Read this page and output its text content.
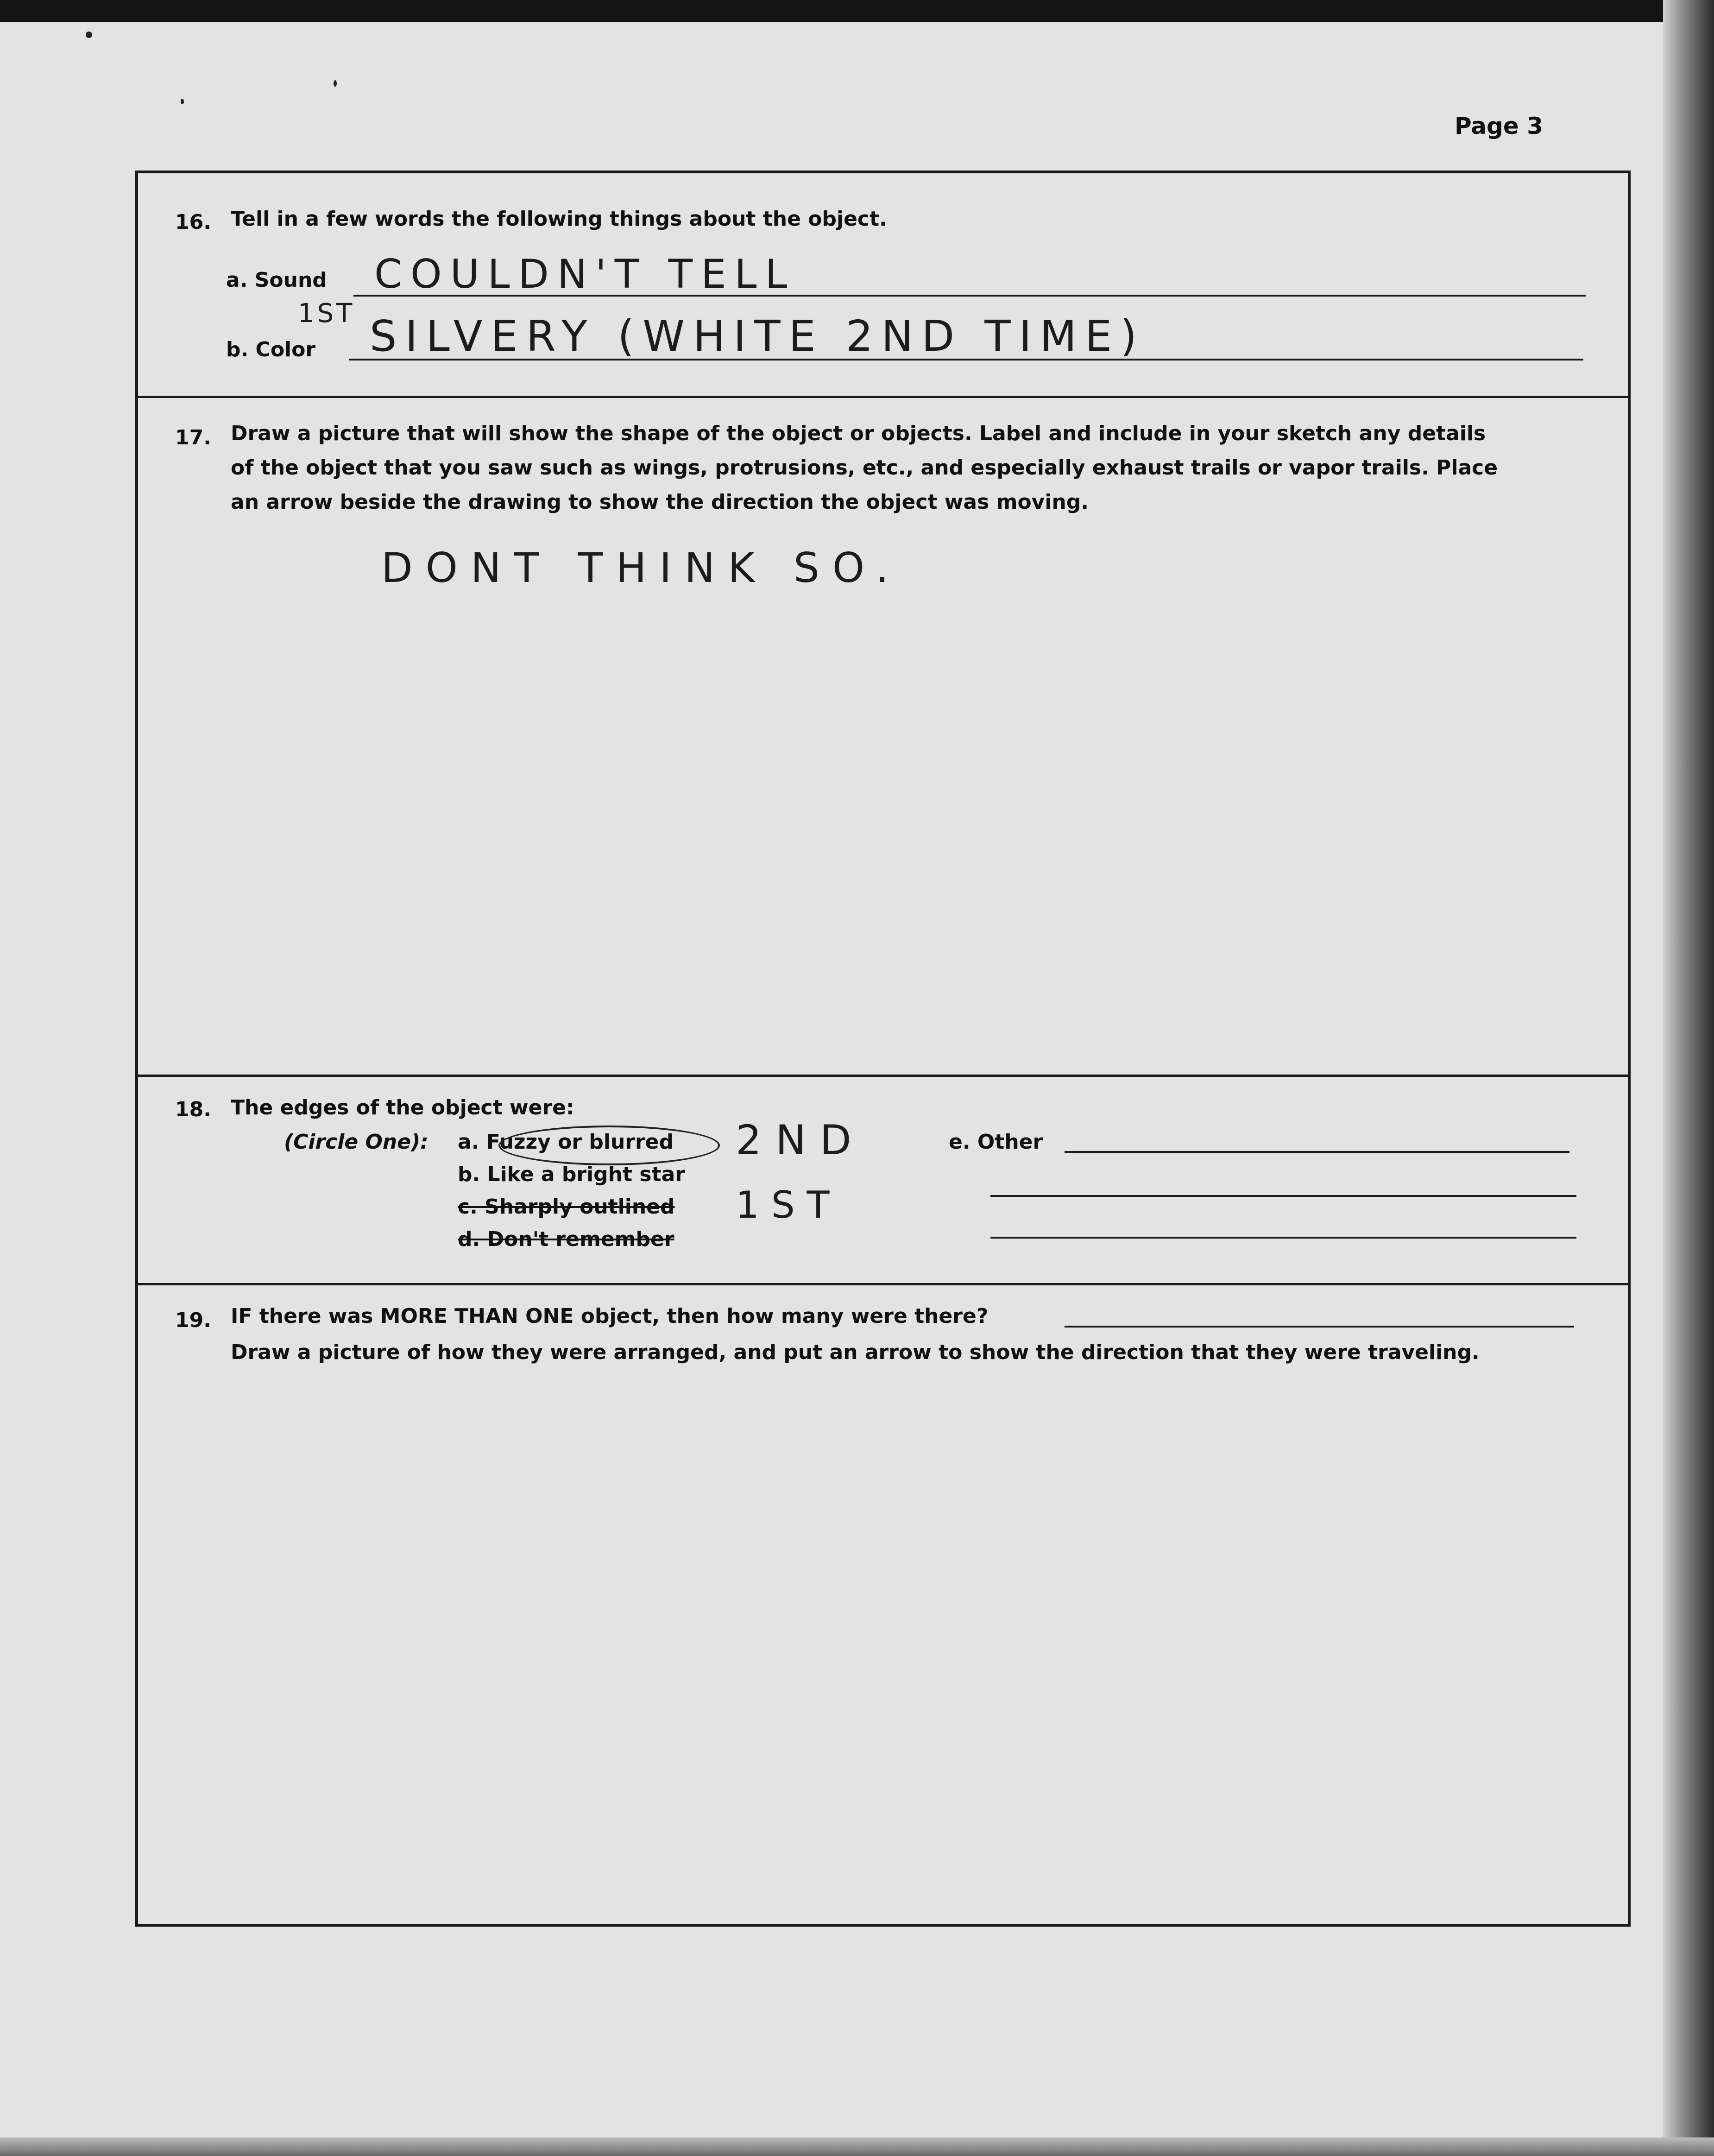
Page 3
16. Tell in a few words the following things about the object.
a. Sound COULDN'T TELL
b. Color
1ST SILVERY (WHITE 2ND TIME)
17. Draw a picture that will show the shape of the object or objects. Label and include in your sketch any details
of the object that you saw such as wings, protrusions, etc., and especially exhaust trails or vapor trails. Place
an arrow beside the drawing to show the direction the object was moving.
DONT THINK SO.
18. The edges of the object were:
(Circle One): a. Fuzzy or blurred
b. Like a bright star
c. Sharply outlined
d. Don't remember
2ND
1ST
e. Other
19. IF there was MORE THAN ONE object, then how many were there?
Draw a picture of how they were arranged, and put an arrow to show the direction that they were traveling.
